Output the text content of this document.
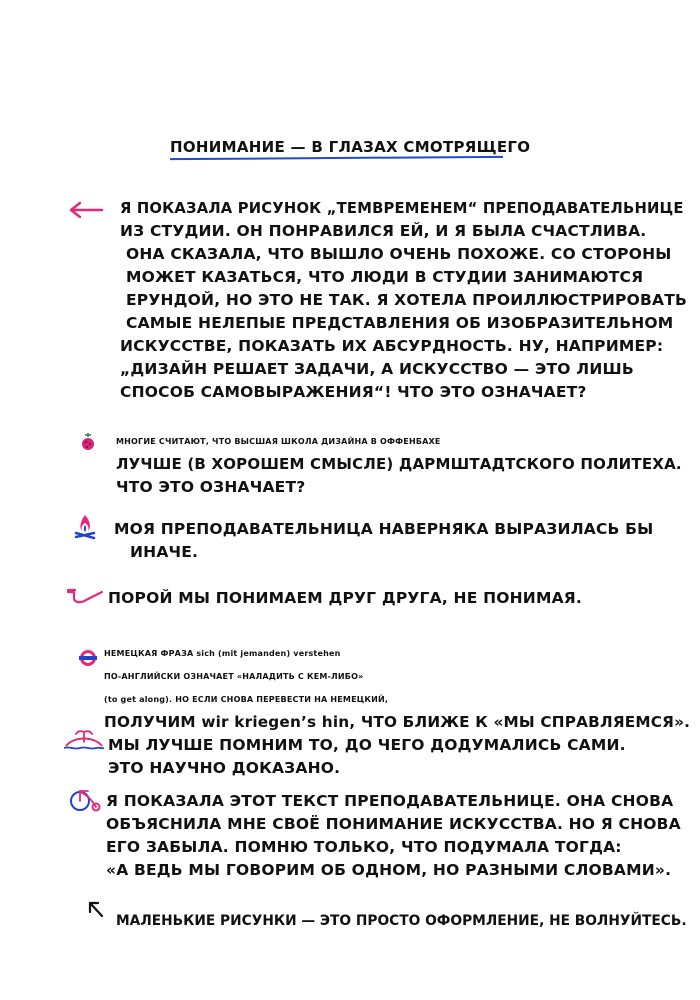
ПОНИМАНИЕ — В ГЛАЗАХ СМОТРЯЩЕГО
Я ПОКАЗАЛА РИСУНОК „ТЕМВРЕМЕНЕМ“ ПРЕПОДАВАТЕЛЬНИЦЕ
ИЗ СТУДИИ. ОН ПОНРАВИЛСЯ ЕЙ, И Я БЫЛА СЧАСТЛИВА.
ОНА СКАЗАЛА, ЧТО ВЫШЛО ОЧЕНЬ ПОХОЖЕ. СО СТОРОНЫ
МОЖЕТ КАЗАТЬСЯ, ЧТО ЛЮДИ В СТУДИИ ЗАНИМАЮТСЯ
ЕРУНДОЙ, НО ЭТО НЕ ТАК. Я ХОТЕЛА ПРОИЛЛЮСТРИРОВАТЬ
САМЫЕ НЕЛЕПЫЕ ПРЕДСТАВЛЕНИЯ ОБ ИЗОБРАЗИТЕЛЬНОМ
ИСКУССТВЕ, ПОКАЗАТЬ ИХ АБСУРДНОСТЬ. НУ, НАПРИМЕР:
„ДИЗАЙН РЕШАЕТ ЗАДАЧИ, А ИСКУССТВО — ЭТО ЛИШЬ
СПОСОБ САМОВЫРАЖЕНИЯ“! ЧТО ЭТО ОЗНАЧАЕТ?
МНОГИЕ СЧИТАЮТ, ЧТО ВЫСШАЯ ШКОЛА ДИЗАЙНА В ОФФЕНБАХЕ
ЛУЧШЕ (В ХОРОШЕМ СМЫСЛЕ) ДАРМШТАДТСКОГО ПОЛИТЕХА.
ЧТО ЭТО ОЗНАЧАЕТ?
МОЯ ПРЕПОДАВАТЕЛЬНИЦА НАВЕРНЯКА ВЫРАЗИЛАСЬ БЫ
ИНАЧЕ.
ПОРОЙ МЫ ПОНИМАЕМ ДРУГ ДРУГА, НЕ ПОНИМАЯ.
НЕМЕЦКАЯ ФРАЗА sich (mit jemanden) verstehen
ПО-АНГЛИЙСКИ ОЗНАЧАЕТ «НАЛАДИТЬ С КЕМ-ЛИБО»
(to get along). НО ЕСЛИ СНОВА ПЕРЕВЕСТИ НА НЕМЕЦКИЙ,
ПОЛУЧИМ wir kriegen’s hin, ЧТО БЛИЖЕ К «МЫ СПРАВЛЯЕМСЯ».
МЫ ЛУЧШЕ ПОМНИМ ТО, ДО ЧЕГО ДОДУМАЛИСЬ САМИ.
ЭТО НАУЧНО ДОКАЗАНО.
Я ПОКАЗАЛА ЭТОТ ТЕКСТ ПРЕПОДАВАТЕЛЬНИЦЕ. ОНА СНОВА
ОБЪЯСНИЛА МНЕ СВОЁ ПОНИМАНИЕ ИСКУССТВА. НО Я СНОВА
ЕГО ЗАБЫЛА. ПОМНЮ ТОЛЬКО, ЧТО ПОДУМАЛА ТОГДА:
«А ВЕДЬ МЫ ГОВОРИМ ОБ ОДНОМ, НО РАЗНЫМИ СЛОВАМИ».
МАЛЕНЬКИЕ РИСУНКИ — ЭТО ПРОСТО ОФОРМЛЕНИЕ, НЕ ВОЛНУЙТЕСЬ.
